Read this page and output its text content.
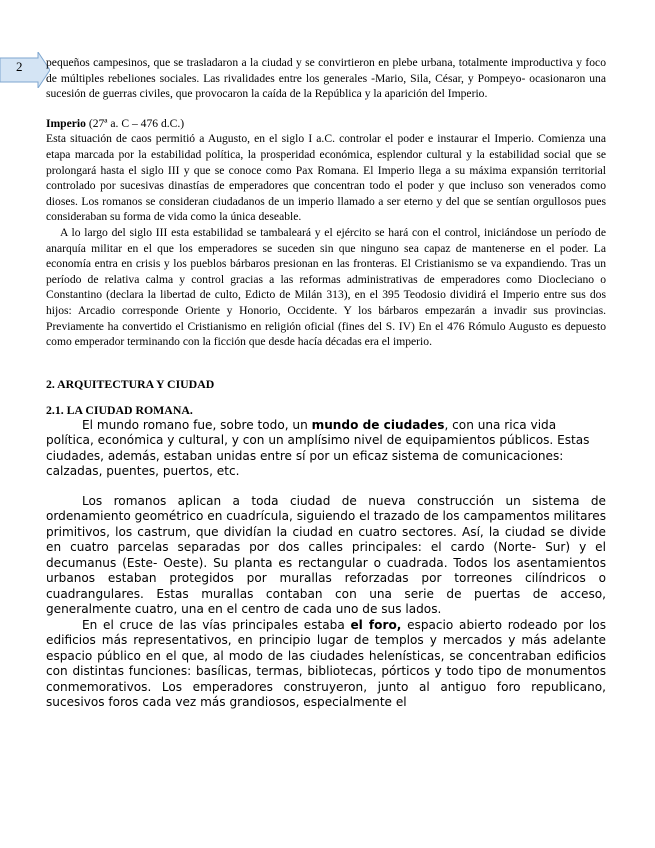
2 pequeños campesinos, que se trasladaron a la ciudad y se convirtieron en plebe urbana, totalmente improductiva y foco de múltiples rebeliones sociales. Las rivalidades entre los generales -Mario, Sila, César, y Pompeyo- ocasionaron una sucesión de guerras civiles, que provocaron la caída de la República y la aparición del Imperio.

Imperio (27ª a. C – 476 d.C.)

Esta situación de caos permitió a Augusto, en el siglo I a.C. controlar el poder e instaurar el Imperio. Comienza una etapa marcada por la estabilidad política, la prosperidad económica, esplendor cultural y la estabilidad social que se prolongará hasta el siglo III y que se conoce como Pax Romana. El Imperio llega a su máxima expansión territorial controlado por sucesivas dinastías de emperadores que concentran todo el poder y que incluso son venerados como dioses. Los romanos se consideran ciudadanos de un imperio llamado a ser eterno y del que se sentían orgullosos pues consideraban su forma de vida como la única deseable.

A lo largo del siglo III esta estabilidad se tambaleará y el ejército se hará con el control, iniciándose un período de anarquía militar en el que los emperadores se suceden sin que ninguno sea capaz de mantenerse en el poder. La economía entra en crisis y los pueblos bárbaros presionan en las fronteras. El Cristianismo se va expandiendo. Tras un período de relativa calma y control gracias a las reformas administrativas de emperadores como Diocleciano o Constantino (declara la libertad de culto, Edicto de Milán 313), en el 395 Teodosio dividirá el Imperio entre sus dos hijos: Arcadio corresponde Oriente y Honorio, Occidente. Y los bárbaros empezarán a invadir sus provincias. Previamente ha convertido el Cristianismo en religión oficial (fines del S. IV) En el 476 Rómulo Augusto es depuesto como emperador terminando con la ficción que desde hacía décadas era el imperio.

2. ARQUITECTURA Y CIUDAD

2.1. LA CIUDAD ROMANA.

El mundo romano fue, sobre todo, un mundo de ciudades, con una rica vida política, económica y cultural, y con un amplísimo nivel de equipamientos públicos. Estas ciudades, además, estaban unidas entre sí por un eficaz sistema de comunicaciones: calzadas, puentes, puertos, etc.

Los romanos aplican a toda ciudad de nueva construcción un sistema de ordenamiento geométrico en cuadrícula, siguiendo el trazado de los campamentos militares primitivos, los castrum, que dividían la ciudad en cuatro sectores. Así, la ciudad se divide en cuatro parcelas separadas por dos calles principales: el cardo (Norte- Sur) y el decumanus (Este- Oeste). Su planta es rectangular o cuadrada. Todos los asentamientos urbanos estaban protegidos por murallas reforzadas por torreones cilíndricos o cuadrangulares. Estas murallas contaban con una serie de puertas de acceso, generalmente cuatro, una en el centro de cada uno de sus lados.

En el cruce de las vías principales estaba el foro, espacio abierto rodeado por los edificios más representativos, en principio lugar de templos y mercados y más adelante espacio público en el que, al modo de las ciudades helenísticas, se concentraban edificios con distintas funciones: basílicas, termas, bibliotecas, pórticos y todo tipo de monumentos conmemorativos. Los emperadores construyeron, junto al antiguo foro republicano, sucesivos foros cada vez más grandiosos, especialmente el
